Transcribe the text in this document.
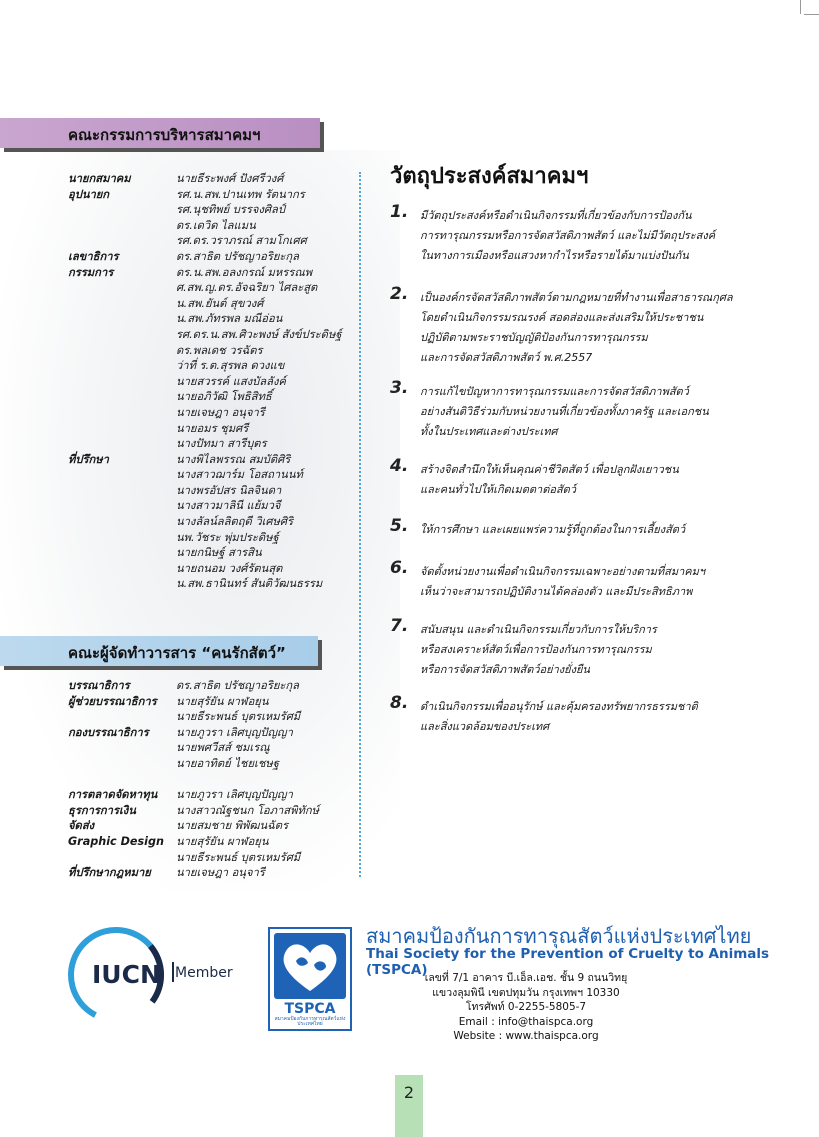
คณะกรรมการบริหารสมาคมฯ
นายกสมาคม	นายธีระพงศ์ ปังศรีวงศ์
อุปนายก	รศ.น.สพ.ปานเทพ รัตนากร
รศ.นุชทิพย์ บรรจงศิลป์
ดร.เดวิด ไลแมน
รศ.ดร.วราภรณ์ สามโกเศศ
เลขาธิการ	ดร.สาธิต ปรัชญาอริยะกุล
กรรมการ	ดร.น.สพ.อลงกรณ์ มหรรณพ
ศ.สพ.ญ.ดร.อัจฉริยา ไศละสูต
น.สพ.ยันต์ สุขวงศ์
น.สพ.ภัทรพล มณีอ่อน
รศ.ดร.น.สพ.ศิวะพงษ์ สังข์ประดิษฐ์
ดร.พลเดช วรฉัตร
ว่าที่ ร.ต.สุรพล ดวงแข
นายสวรรค์ แสงบัลลังค์
นายอภิวัฒิ โพธิสิทธิ์
นายเจษฎา อนุจารี
นายอมร ชุมศรี
นางปัทมา สารีบุตร
ที่ปรึกษา	นางพิไลพรรณ สมบัติศิริ
นางสาวฌาร์ม โอสถานนท์
นางพรอัปสร นิลจินดา
นางสาวมาลินี แย้มวจี
นางลัลน์ลลิตฤดี วิเศษศิริ
นพ.วัชระ พุ่มประดิษฐ์
นายกนิษฐ์ สารสิน
นายถนอม วงศ์รัตนสุต
น.สพ.ธานินทร์ สันติวัฒนธรรม
คณะผู้จัดทำวารสาร “คนรักสัตว์”
บรรณาธิการ	ดร.สาธิต ปรัชญาอริยะกุล
ผู้ช่วยบรรณาธิการ	นายสุรัยัน ผาฬอยุน
นายธีระพนธ์ บุตรเหมรัศมี
กองบรรณาธิการ	นายภูวรา เลิศบุญปัญญา
นายพศวีสส์ ชมเรณู
นายอาทิตย์ ไชยเชษฐ
การตลาดจัดหาทุน	นายภูวรา เลิศบุญปัญญา
ธุรการการเงิน	นางสาวณัฐชนก โอภาสพิทักษ์
จัดส่ง	นายสมชาย พิพัฒนฉัตร
Graphic Design	นายสุรัยัน ผาฬอยุน
นายธีระพนธ์ บุตรเหมรัศมี
ที่ปรึกษากฎหมาย	นายเจษฎา อนุจารี
วัตถุประสงค์สมาคมฯ
1. มีวัตถุประสงค์หรือดำเนินกิจกรรมที่เกี่ยวข้องกับการป้องกัน
การทารุณกรรมหรือการจัดสวัสดิภาพสัตว์ และไม่มีวัตถุประสงค์
ในทางการเมืองหรือแสวงหากำไรหรือรายได้มาแบ่งปันกัน
2. เป็นองค์กรจัดสวัสดิภาพสัตว์ตามกฎหมายที่ทำงานเพื่อสาธารณกุศล
โดยดำเนินกิจกรรมรณรงค์ สอดส่องและส่งเสริมให้ประชาชน
ปฏิบัติตามพระราชบัญญัติป้องกันการทารุณกรรม
และการจัดสวัสดิภาพสัตว์ พ.ศ.2557
3. การแก้ไขปัญหาการทารุณกรรมและการจัดสวัสดิภาพสัตว์
อย่างสันติวิธีร่วมกับหน่วยงานที่เกี่ยวข้องทั้งภาครัฐ และเอกชน
ทั้งในประเทศและต่างประเทศ
4. สร้างจิตสำนึกให้เห็นคุณค่าชีวิตสัตว์ เพื่อปลูกฝังเยาวชน
และคนทั่วไปให้เกิดเมตตาต่อสัตว์
5. ให้การศึกษา และเผยแพร่ความรู้ที่ถูกต้องในการเลี้ยงสัตว์
6. จัดตั้งหน่วยงานเพื่อดำเนินกิจกรรมเฉพาะอย่างตามที่สมาคมฯ
เห็นว่าจะสามารถปฏิบัติงานได้คล่องตัว และมีประสิทธิภาพ
7. สนับสนุน และดำเนินกิจกรรมเกี่ยวกับการให้บริการ
หรือสงเคราะห์สัตว์เพื่อการป้องกันการทารุณกรรม
หรือการจัดสวัสดิภาพสัตว์อย่างยั่งยืน
8. ดำเนินกิจกรรมเพื่ออนุรักษ์ และคุ้มครองทรัพยากรธรรมชาติ
และสิ่งแวดล้อมของประเทศ
IUCN Member
TSPCA
สมาคมป้องกันการทารุณสัตว์แห่งประเทศไทย
สมาคมป้องกันการทารุณสัตว์แห่งประเทศไทย
Thai Society for the Prevention of Cruelty to Animals (TSPCA)
เลขที่ 7/1 อาคาร บี.เอ็ล.เอช. ชั้น 9 ถนนวิทยุ
แขวงลุมพินี เขตปทุมวัน กรุงเทพฯ 10330
โทรศัพท์ 0-2255-5805-7
Email : info@thaispca.org
Website : www.thaispca.org
2
